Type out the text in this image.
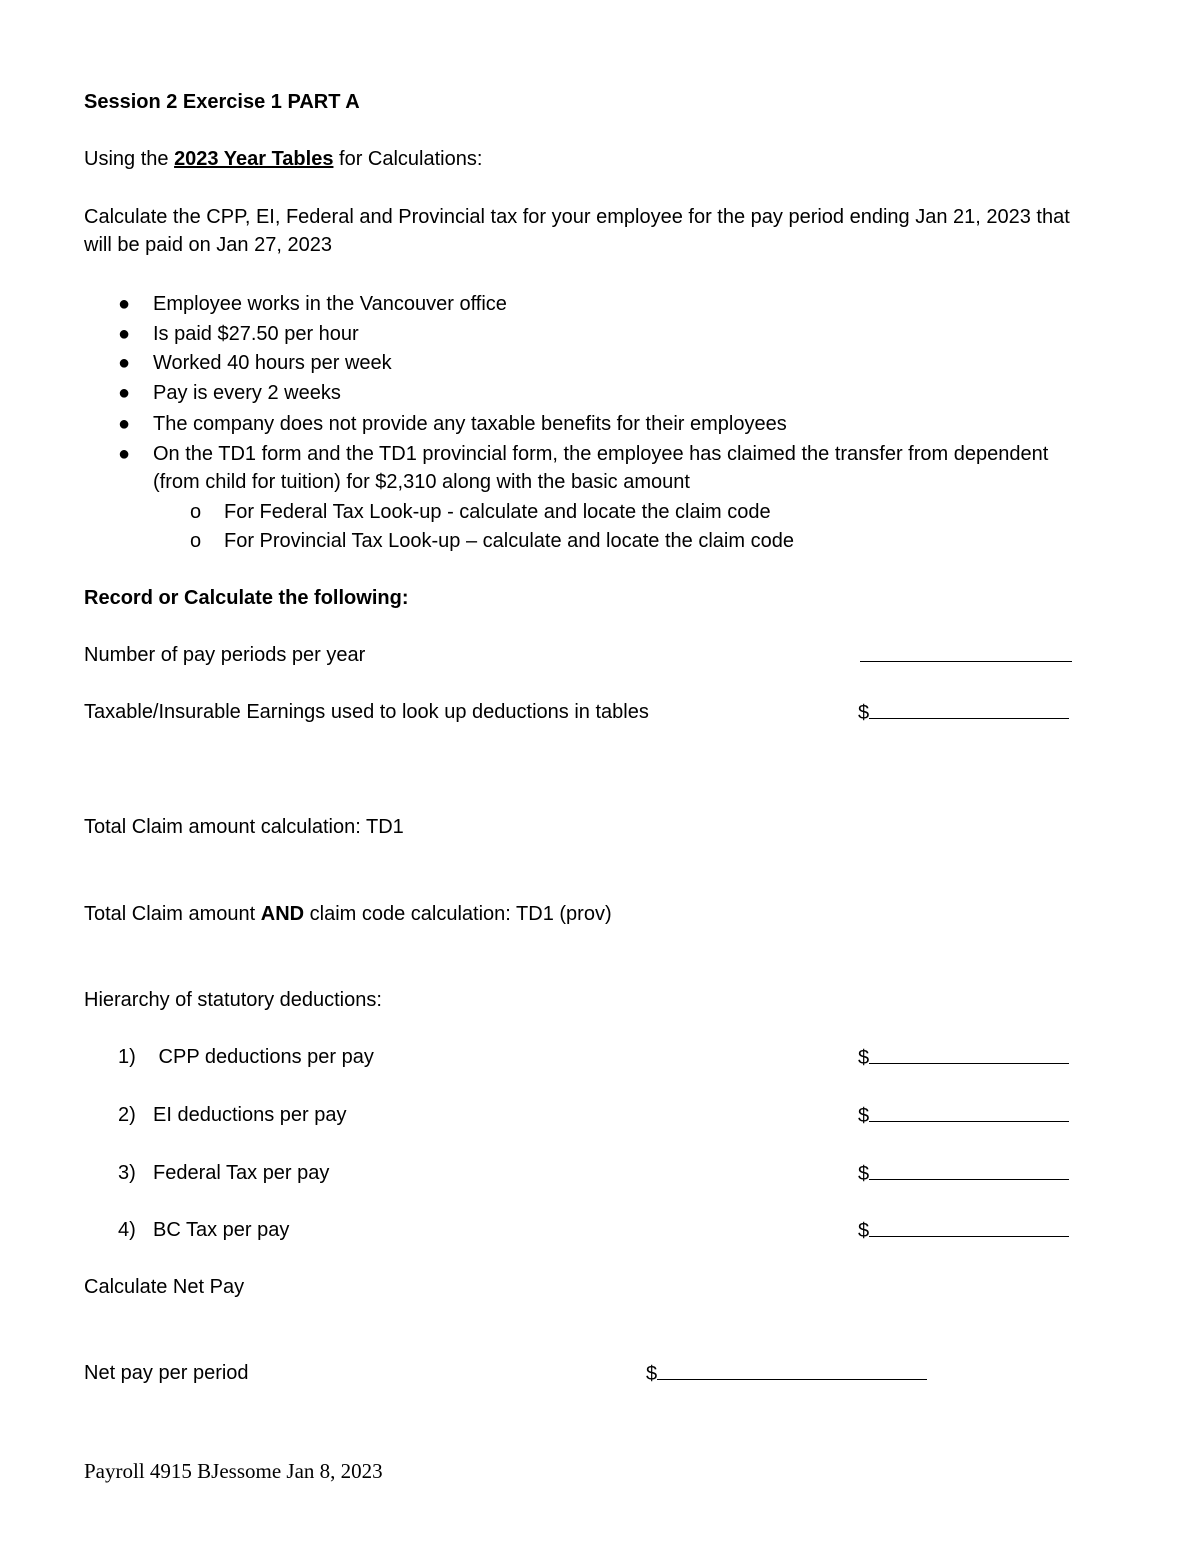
Session 2 Exercise 1 PART A
Using the 2023 Year Tables for Calculations:
Calculate the CPP, EI, Federal and Provincial tax for your employee for the pay period ending Jan 21, 2023 that
will be paid on Jan 27, 2023
● Employee works in the Vancouver office
● Is paid $27.50 per hour
● Worked 40 hours per week
● Pay is every 2 weeks
● The company does not provide any taxable benefits for their employees
● On the TD1 form and the TD1 provincial form, the employee has claimed the transfer from dependent
(from child for tuition) for $2,310 along with the basic amount
o For Federal Tax Look-up - calculate and locate the claim code
o For Provincial Tax Look-up – calculate and locate the claim code
Record or Calculate the following:
Number of pay periods per year
Taxable/Insurable Earnings used to look up deductions in tables	$
Total Claim amount calculation: TD1
Total Claim amount AND claim code calculation: TD1 (prov)
Hierarchy of statutory deductions:
1) CPP deductions per pay	$
2) EI deductions per pay	$
3) Federal Tax per pay	$
4) BC Tax per pay	$
Calculate Net Pay
Net pay per period	$
Payroll 4915 BJessome Jan 8, 2023
